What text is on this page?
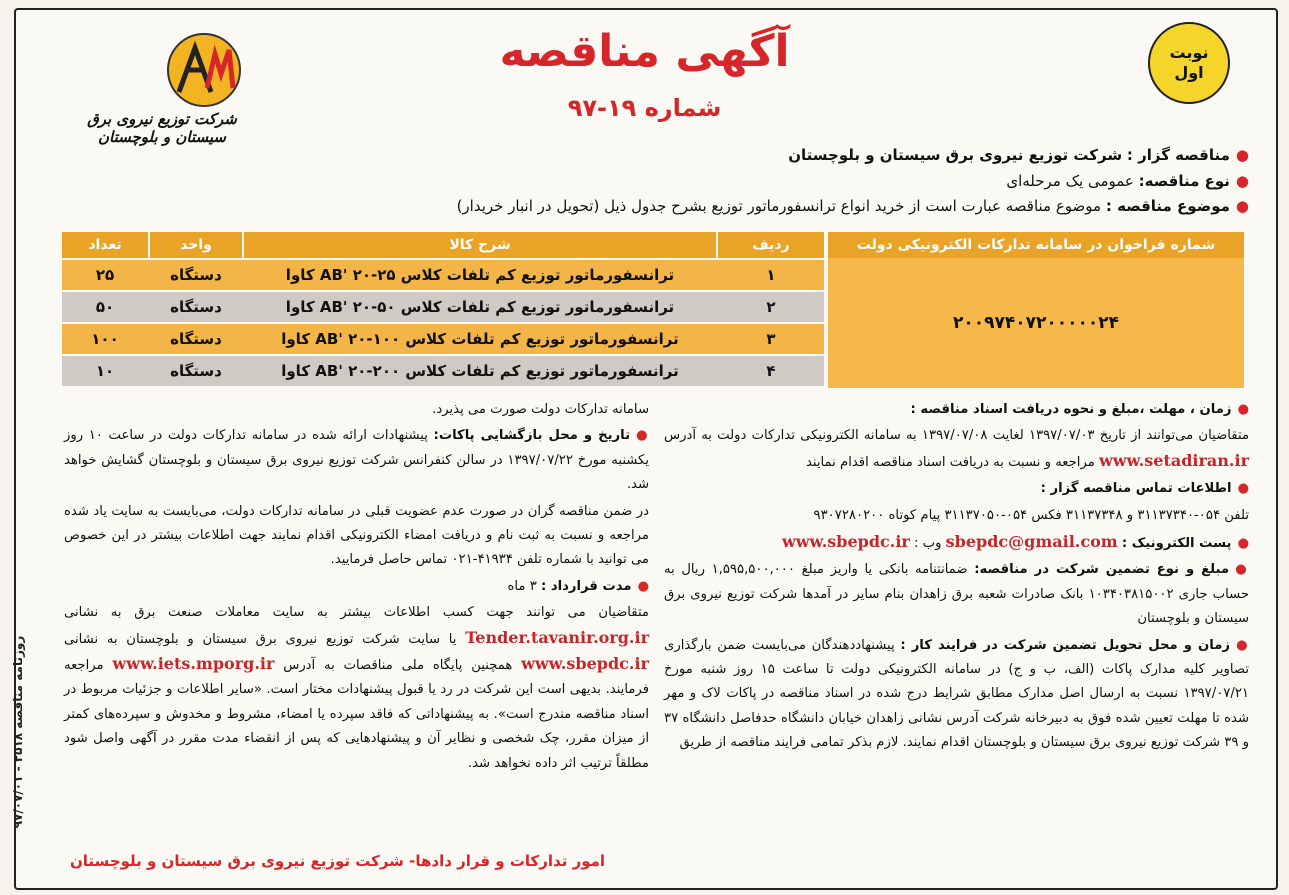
شرکت توزیع نیروی برق سیستان و بلوچستان
آگهی مناقصه
شماره ۱۹-۹۷
نوبت
اول
●مناقصه گزار : شرکت توزیع نیروی برق سیستان و بلوچستان
●نوع مناقصه: عمومی یک مرحله‌ای
●موضوع مناقصه : موضوع مناقصه عبارت است از خرید انواع ترانسفورماتور توزیع بشرح جدول ذیل (تحویل در انبار خریدار)
شماره فراخوان در سامانه تدارکات الکترونیکی دولت
۲۰۰۹۷۴۰۷۲۰۰۰۰۰۲۴
ردیف
شرح کالا
واحد
تعداد
۱
ترانسفورماتور توزیع کم تلفات کلاس AB' ۲۰-۲۵ کاوا
دستگاه
۲۵
۲
ترانسفورماتور توزیع کم تلفات کلاس AB' ۲۰-۵۰ کاوا
دستگاه
۵۰
۳
ترانسفورماتور توزیع کم تلفات کلاس AB' ۲۰-۱۰۰ کاوا
دستگاه
۱۰۰
۴
ترانسفورماتور توزیع کم تلفات کلاس AB' ۲۰-۲۰۰ کاوا
دستگاه
۱۰

●زمان ، مهلت ،مبلغ و نحوه دریافت اسناد مناقصه :

متقاضیان می‌توانند از تاریخ ۱۳۹۷/۰۷/۰۳ لغایت ۱۳۹۷/۰۷/۰۸ به سامانه الکترونیکی تدارکات دولت به آدرس www.setadiran.ir مراجعه و نسبت به دریافت اسناد مناقصه اقدام نمایند

●اطلاعات تماس مناقصه گزار :

تلفن ۰۵۴-۳۱۱۳۷۳۴۰ و ۳۱۱۳۷۳۴۸ فکس ۰۵۴-۳۱۱۳۷۰۵۰ پیام کوتاه ۹۳۰۷۲۸۰۲۰۰

●پست الکترونیک : sbepdc@gmail.com وب : www.sbepdc.ir

●مبلغ و نوع تضمین شرکت در مناقصه: ضمانتنامه بانکی یا واریز مبلغ ۱,۵۹۵,۵۰۰,۰۰۰ ریال به حساب جاری ۱۰۳۴۰۳۸۱۵۰۰۲ بانک صادرات شعبه برق زاهدان بنام سایر در آمدها شرکت توزیع نیروی برق سیستان و بلوچستان

●زمان و محل تحویل تضمین شرکت در فرایند کار : پیشنهاددهندگان می‌بایست ضمن بارگذاری تصاویر کلیه مدارک پاکات (الف، ب و ج) در سامانه الکترونیکی دولت تا ساعت ۱۵ روز شنبه مورخ ۱۳۹۷/۰۷/۲۱ نسبت به ارسال اصل مدارک مطابق شرایط درج شده در اسناد مناقصه در پاکات لاک و مهر شده تا مهلت تعیین شده فوق به دبیرخانه شرکت آدرس نشانی زاهدان خیابان دانشگاه حدفاصل دانشگاه ۳۷ و ۳۹ شرکت توزیع نیروی برق سیستان و بلوچستان اقدام نمایند. لازم بذکر تمامی فرایند مناقصه از طریق

سامانه تدارکات دولت صورت می پذیرد.

●تاریخ و محل بازگشایی پاکات: پیشنهادات ارائه شده در سامانه تدارکات دولت در ساعت ۱۰ روز یکشنبه مورخ ۱۳۹۷/۰۷/۲۲ در سالن کنفرانس شرکت توزیع نیروی برق سیستان و بلوچستان گشایش خواهد شد.

در ضمن مناقصه گران در صورت عدم عضویت قبلی در سامانه تدارکات دولت، می‌بایست به سایت یاد شده مراجعه و نسبت به ثبت نام و دریافت امضاء الکترونیکی اقدام نمایند جهت اطلاعات بیشتر در این خصوص می توانید با شماره تلفن ۴۱۹۳۴-۰۲۱ تماس حاصل فرمایید.

●مدت قرارداد : ۳ ماه

متقاضیان می توانند جهت کسب اطلاعات بیشتر به سایت معاملات صنعت برق به نشانی Tender.tavanir.org.ir یا سایت شرکت توزیع نیروی برق سیستان و بلوچستان به نشانی www.sbepdc.ir همچنین پایگاه ملی مناقصات به آدرس www.iets.mporg.ir مراجعه فرمایند. بدیهی است این شرکت در رد یا قبول پیشنهادات مختار است. «سایر اطلاعات و جزئیات مربوط در اسناد مناقصه مندرج است». به پیشنهاداتی که فاقد سپرده یا امضاء، مشروط و مخدوش و سپرده‌های کمتر از میزان مقرر، چک شخصی و نظایر آن و پیشنهادهایی که پس از انقضاء مدت مقرر در آگهی واصل شود مطلقاً ترتیب اثر داده نخواهد شد.

امور تدارکات و قرار دادها- شرکت توزیع نیروی برق سیستان و بلوچستان
روزنامه مناقصه ۲۵۱۸ - ۹۷/۰۷/۰۱
